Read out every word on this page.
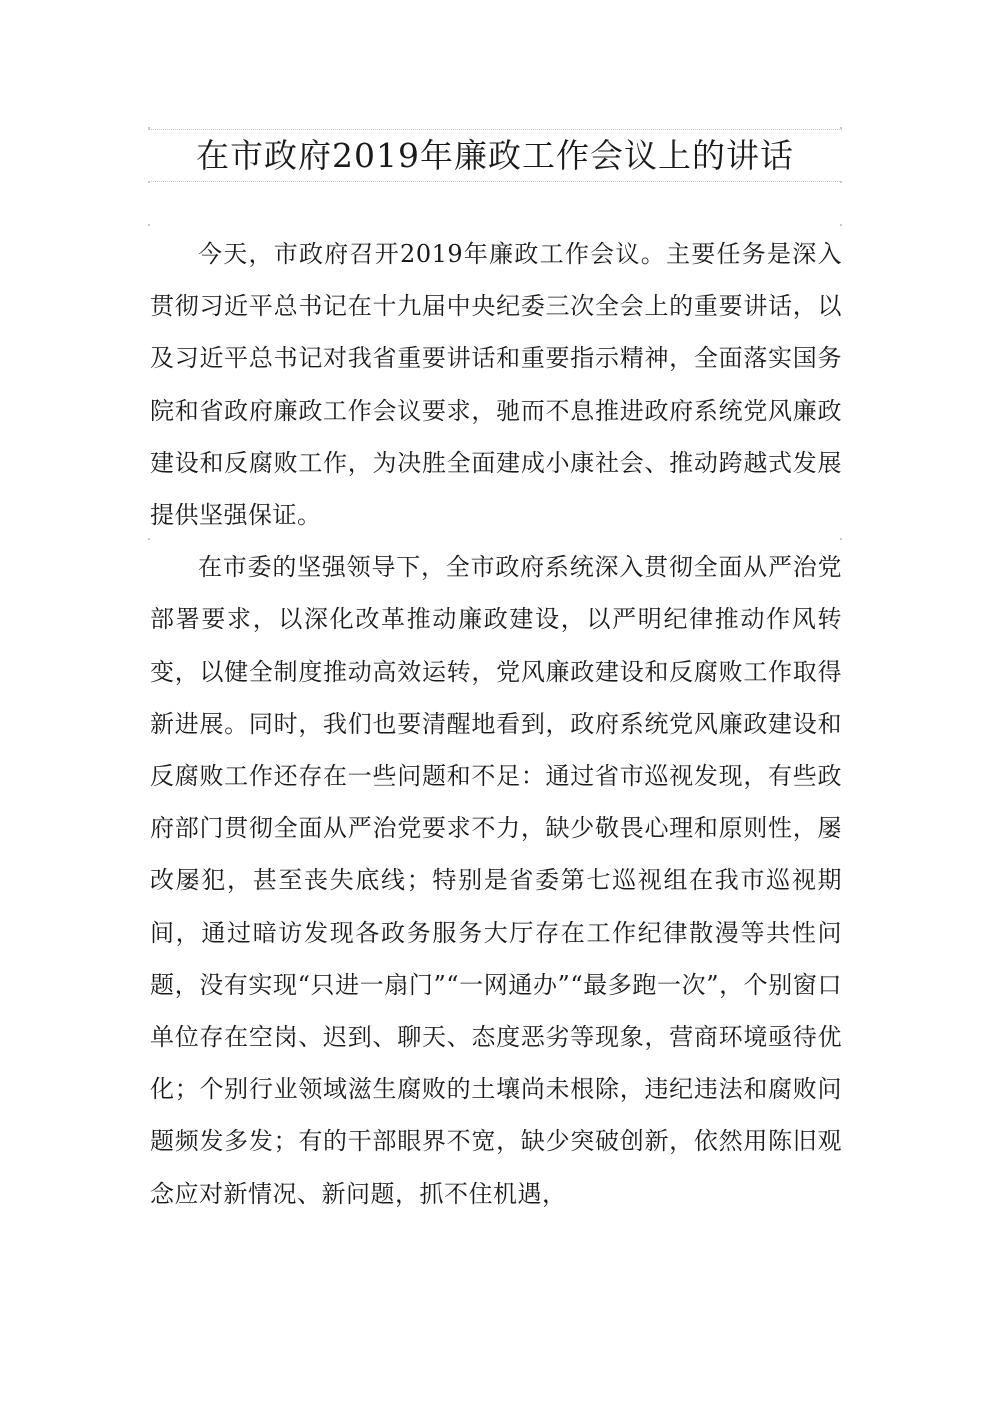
在市政府2019年廉政工作会议上的讲话

今天，市政府召开2019年廉政工作会议。主要任务是深入贯彻习近平总书记在十九届中央纪委三次全会上的重要讲话，以及习近平总书记对我省重要讲话和重要指示精神，全面落实国务院和省政府廉政工作会议要求，驰而不息推进政府系统党风廉政建设和反腐败工作，为决胜全面建成小康社会、推动跨越式发展提供坚强保证。

在市委的坚强领导下，全市政府系统深入贯彻全面从严治党部署要求，以深化改革推动廉政建设，以严明纪律推动作风转变，以健全制度推动高效运转，党风廉政建设和反腐败工作取得新进展。同时，我们也要清醒地看到，政府系统党风廉政建设和反腐败工作还存在一些问题和不足：通过省市巡视发现，有些政府部门贯彻全面从严治党要求不力，缺少敬畏心理和原则性，屡改屡犯，甚至丧失底线；特别是省委第七巡视组在我市巡视期间，通过暗访发现各政务服务大厅存在工作纪律散漫等共性问题，没有实现“只进一扇门”“一网通办”“最多跑一次”，个别窗口单位存在空岗、迟到、聊天、态度恶劣等现象，营商环境亟待优化；个别行业领域滋生腐败的土壤尚未根除，违纪违法和腐败问题频发多发；有的干部眼界不宽，缺少突破创新，依然用陈旧观念应对新情况、新问题，抓不住机遇，
